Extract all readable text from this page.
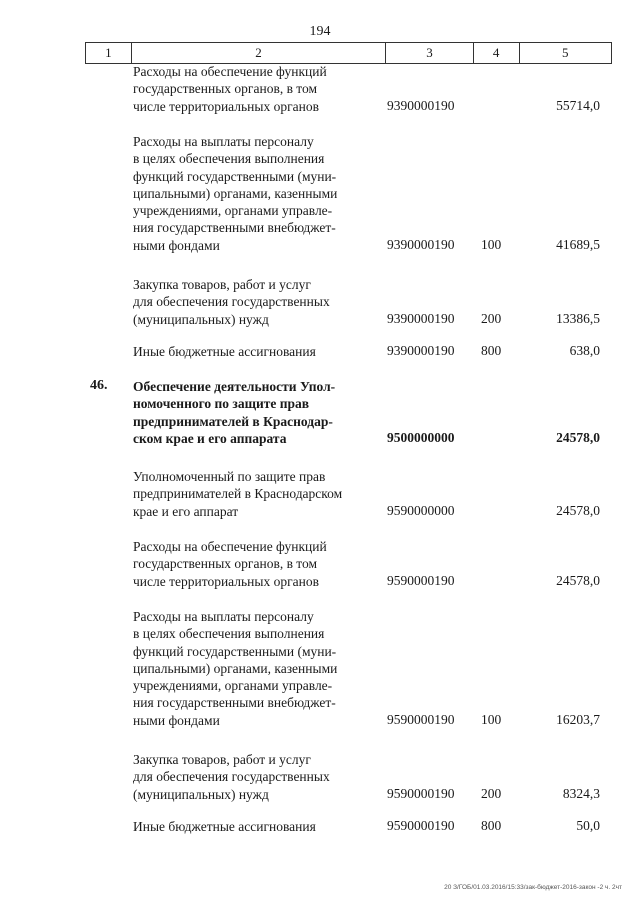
194
1	2	3	4	5
Расходы на обеспечение функций
государственных органов, в том
числе территориальных органов	9390000190	55714,0
Расходы на выплаты персоналу
в целях обеспечения выполнения
функций государственными (муни-
ципальными) органами, казенными
учреждениями, органами управле-
ния государственными внебюджет-
ными фондами	9390000190 100	41689,5
Закупка товаров, работ и услуг
для обеспечения государственных
(муниципальных) нужд	9390000190 200	13386,5
Иные бюджетные ассигнования	9390000190 800	638,0
46. Обеспечение деятельности Упол-
номоченного по защите прав
предпринимателей в Краснодар-
ском крае и его аппарата	9500000000	24578,0
Уполномоченный по защите прав
предпринимателей в Краснодарском
крае и его аппарат	9590000000	24578,0
Расходы на обеспечение функций
государственных органов, в том
числе территориальных органов	9590000190	24578,0
Расходы на выплаты персоналу
в целях обеспечения выполнения
функций государственными (муни-
ципальными) органами, казенными
учреждениями, органами управле-
ния государственными внебюджет-
ными фондами	9590000190 100	16203,7
Закупка товаров, работ и услуг
для обеспечения государственных
(муниципальных) нужд	9590000190 200	8324,3
Иные бюджетные ассигнования	9590000190 800	50,0
20 З/ГОБ/01.03.2016/15:33/зак-бюджет-2016-закон -2 ч. 2чт
